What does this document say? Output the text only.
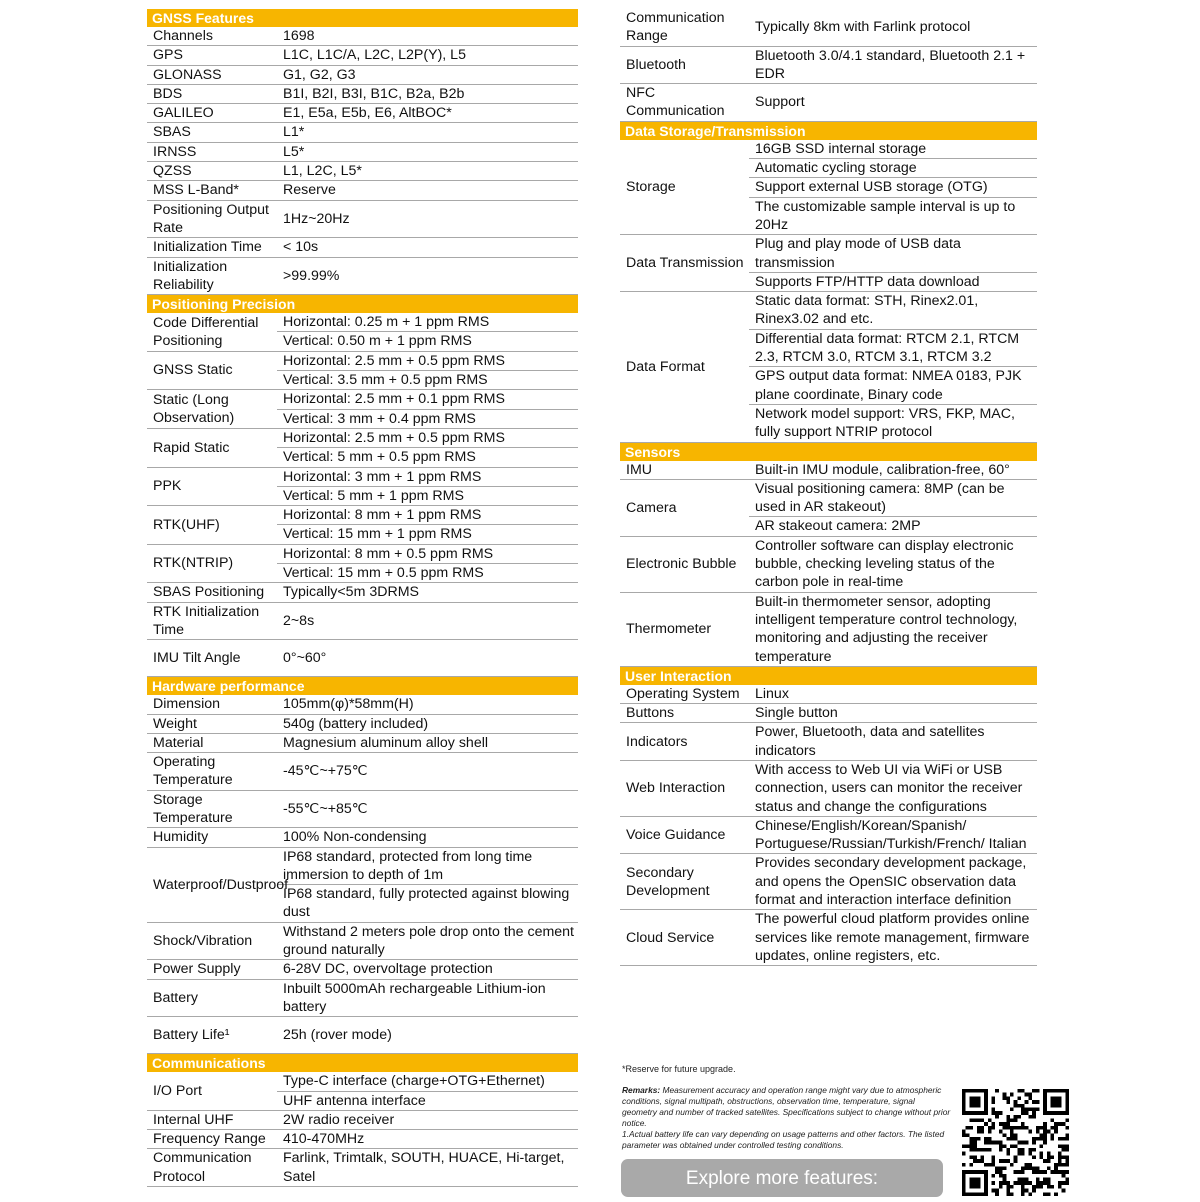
GNSS Features
Channels	1698
GPS	L1C, L1C/A, L2C, L2P(Y), L5
GLONASS	G1, G2, G3
BDS	B1I, B2I, B3I, B1C, B2a, B2b
GALILEO	E1, E5a, E5b, E6, AltBOC*
SBAS	L1*
IRNSS	L5*
QZSS	L1, L2C, L5*
MSS L-Band*	Reserve
Positioning Output Rate	1Hz~20Hz
Initialization Time	< 10s
Initialization Reliability	>99.99%
Positioning Precision
Code Differential Positioning	Horizontal: 0.25 m + 1 ppm RMS
	Vertical: 0.50 m + 1 ppm RMS
GNSS Static	Horizontal: 2.5 mm + 0.5 ppm RMS
	Vertical: 3.5 mm + 0.5 ppm RMS
Static (Long Observation)	Horizontal: 2.5 mm + 0.1 ppm RMS
	Vertical: 3 mm + 0.4 ppm RMS
Rapid Static	Horizontal: 2.5 mm + 0.5 ppm RMS
	Vertical: 5 mm + 0.5 ppm RMS
PPK	Horizontal: 3 mm + 1 ppm RMS
	Vertical: 5 mm + 1 ppm RMS
RTK(UHF)	Horizontal: 8 mm + 1 ppm RMS
	Vertical: 15 mm + 1 ppm RMS
RTK(NTRIP)	Horizontal: 8 mm + 0.5 ppm RMS
	Vertical: 15 mm + 0.5 ppm RMS
SBAS Positioning	Typically<5m 3DRMS
RTK Initialization Time	2~8s
IMU Tilt Angle	0°~60°
Hardware performance
Dimension	105mm(φ)*58mm(H)
Weight	540g (battery included)
Material	Magnesium aluminum alloy shell
Operating Temperature	-45℃~+75℃
Storage Temperature	-55℃~+85℃
Humidity	100% Non-condensing
Waterproof/Dustproof	IP68 standard, protected from long time immersion to depth of 1m
	IP68 standard, fully protected against blowing dust
Shock/Vibration	Withstand 2 meters pole drop onto the cement ground naturally
Power Supply	6-28V DC, overvoltage protection
Battery	Inbuilt 5000mAh rechargeable Lithium-ion battery
Battery Life¹	25h (rover mode)
Communications
I/O Port	Type-C interface (charge+OTG+Ethernet)
	UHF antenna interface
Internal UHF	2W radio receiver
Frequency Range	410-470MHz
Communication Protocol	Farlink, Trimtalk, SOUTH, HUACE, Hi-target, Satel
Communication Range	Typically 8km with Farlink protocol
Bluetooth	Bluetooth 3.0/4.1 standard, Bluetooth 2.1 + EDR
NFC Communication	Support
Data Storage/Transmission
Storage	16GB SSD internal storage
	Automatic cycling storage
	Support external USB storage (OTG)
	The customizable sample interval is up to 20Hz
Data Transmission	Plug and play mode of USB data transmission
	Supports FTP/HTTP data download
Data Format	Static data format: STH, Rinex2.01, Rinex3.02 and etc.
	Differential data format: RTCM 2.1, RTCM 2.3, RTCM 3.0, RTCM 3.1, RTCM 3.2
	GPS output data format: NMEA 0183, PJK plane coordinate, Binary code
	Network model support: VRS, FKP, MAC, fully support NTRIP protocol
Sensors
IMU	Built-in IMU module, calibration-free, 60°
Camera	Visual positioning camera: 8MP (can be used in AR stakeout)
	AR stakeout camera: 2MP
Electronic Bubble	Controller software can display electronic bubble, checking leveling status of the carbon pole in real-time
Thermometer	Built-in thermometer sensor, adopting intelligent temperature control technology, monitoring and adjusting the receiver temperature
User Interaction
Operating System	Linux
Buttons	Single button
Indicators	Power, Bluetooth, data and satellites indicators
Web Interaction	With access to Web UI via WiFi or USB connection, users can monitor the receiver status and change the configurations
Voice Guidance	Chinese/English/Korean/Spanish/ Portuguese/Russian/Turkish/French/ Italian
Secondary Development	Provides secondary development package, and opens the OpenSIC observation data format and interaction interface definition
Cloud Service	The powerful cloud platform provides online services like remote management, firmware updates, online registers, etc.
*Reserve for future upgrade.
Remarks: Measurement accuracy and operation range might vary due to atmospheric conditions, signal multipath, obstructions, observation time, temperature, signal geometry and number of tracked satellites. Specifications subject to change without prior notice.
1.Actual battery life can vary depending on usage patterns and other factors. The listed parameter was obtained under controlled testing conditions.
Explore more features:
